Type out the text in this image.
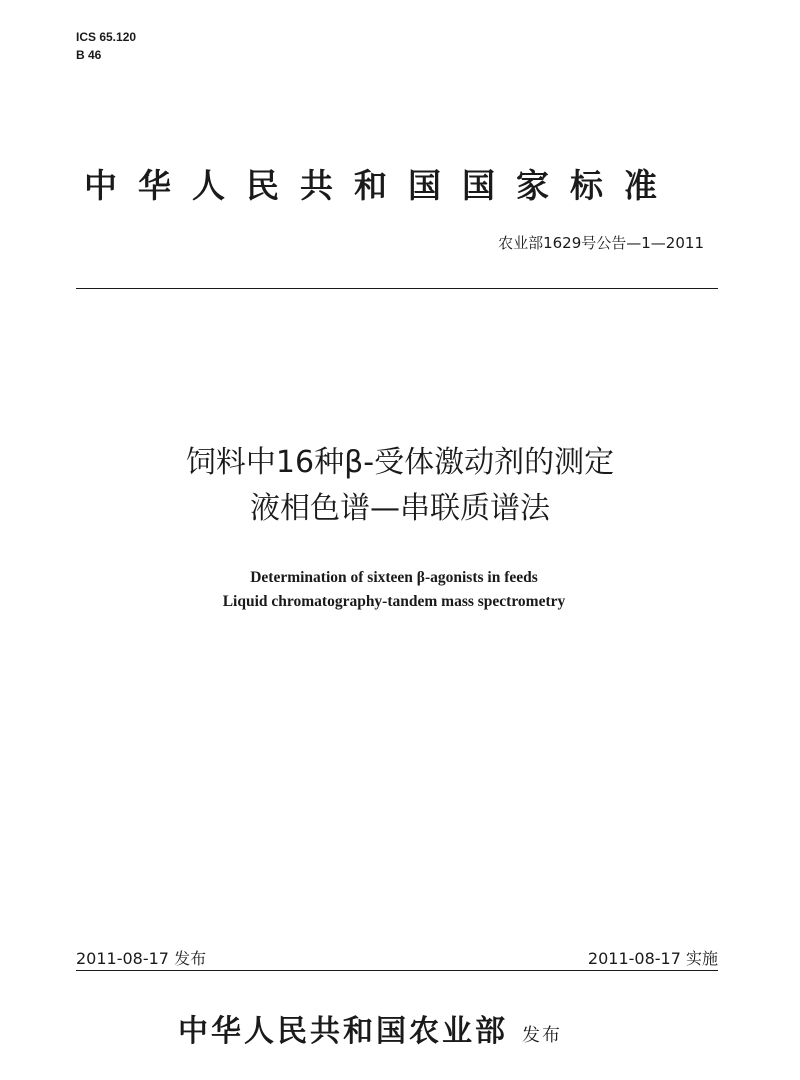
ICS 65.120
B 46
中华人民共和国国家标准
农业部1629号公告—1—2011
饲料中16种β-受体激动剂的测定
液相色谱—串联质谱法
Determination of sixteen β-agonists in feeds
Liquid chromatography-tandem mass spectrometry
2011-08-17 发布	2011-08-17 实施
中华人民共和国农业部 发布
